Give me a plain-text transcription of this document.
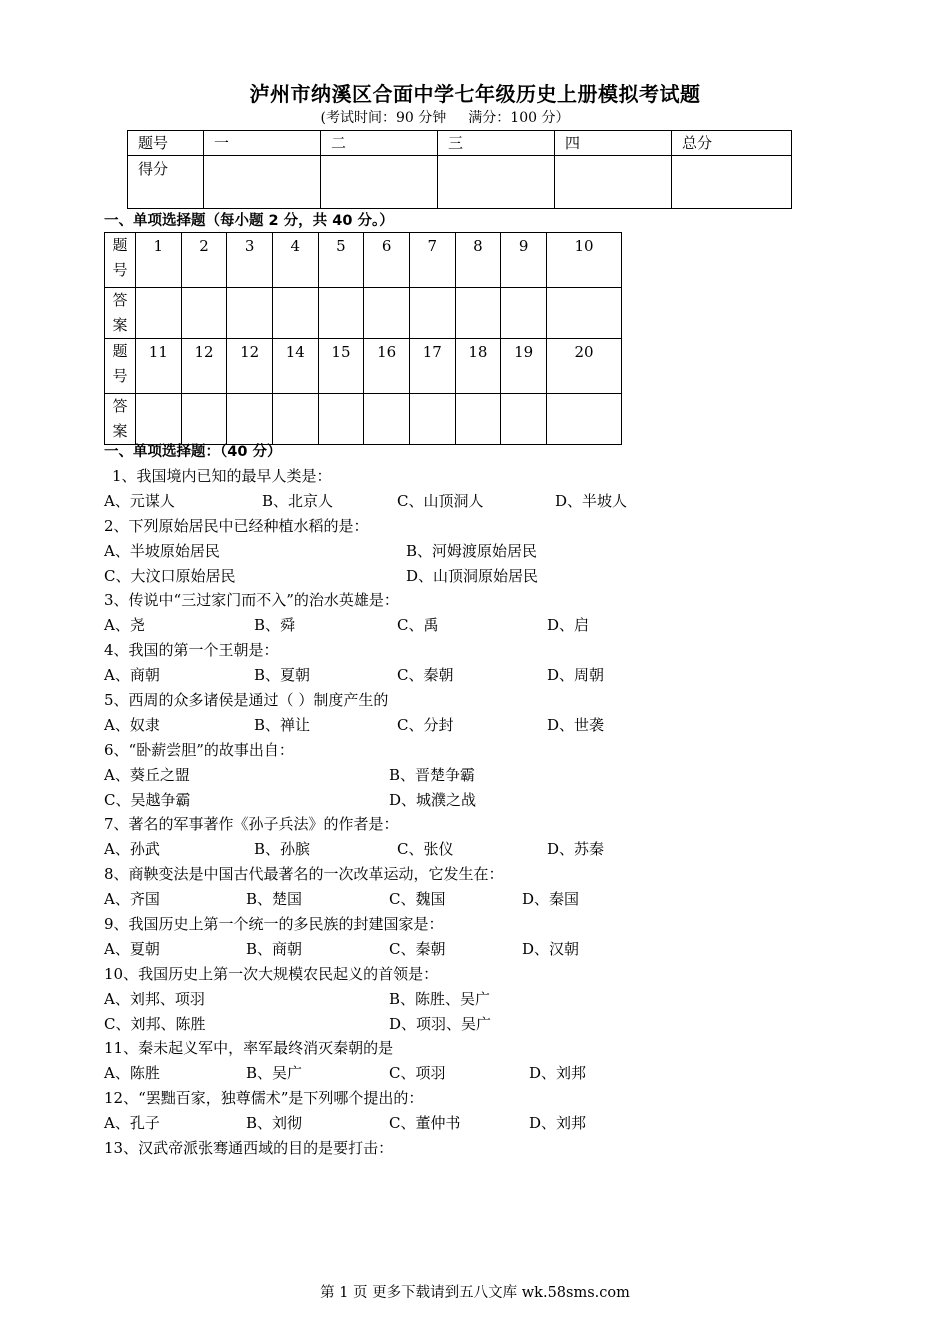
泸州市纳溪区合面中学七年级历史上册模拟考试题
(考试时间：90 分钟 满分：100 分）
题号	一	二	三	四	总分
得分					
一、单项选择题（每小题 2 分，共 40 分。）
题
号	1	2	3	4	5	6	7	8	9	10

答
案										

题
号	11	12	12	14	15	16	17	18	19	20

答
案										

一、单项选择题：（40 分）
1、我国境内已知的最早人类是：
A、元谋人	B、北京人	C、山顶洞人	D、半坡人
2、下列原始居民中已经种植水稻的是：
A、半坡原始居民	B、河姆渡原始居民
C、大汶口原始居民	D、山顶洞原始居民
3、传说中“三过家门而不入”的治水英雄是：
A、尧	B、舜	C、禹	D、启
4、我国的第一个王朝是：
A、商朝	B、夏朝	C、秦朝	D、周朝
5、西周的众多诸侯是通过（ ）制度产生的
A、奴隶	B、禅让	C、分封	D、世袭
6、“卧薪尝胆”的故事出自：
A、葵丘之盟	B、晋楚争霸
C、吴越争霸	D、城濮之战
7、著名的军事著作《孙子兵法》的作者是：
A、孙武	B、孙膑	C、张仪	D、苏秦
8、商鞅变法是中国古代最著名的一次改革运动，它发生在：
A、齐国	B、楚国	C、魏国	D、秦国
9、我国历史上第一个统一的多民族的封建国家是：
A、夏朝	B、商朝	C、秦朝	D、汉朝
10、我国历史上第一次大规模农民起义的首领是：
A、刘邦、项羽	B、陈胜、吴广
C、刘邦、陈胜	D、项羽、吴广
11、秦未起义军中，率军最终消灭秦朝的是
A、陈胜	B、吴广	C、项羽	D、刘邦
12、“罢黜百家，独尊儒术”是下列哪个提出的：
A、孔子	B、刘彻	C、董仲书	D、刘邦
13、汉武帝派张骞通西域的目的是要打击：
第 1 页 更多下载请到五八文库 wk.58sms.com
